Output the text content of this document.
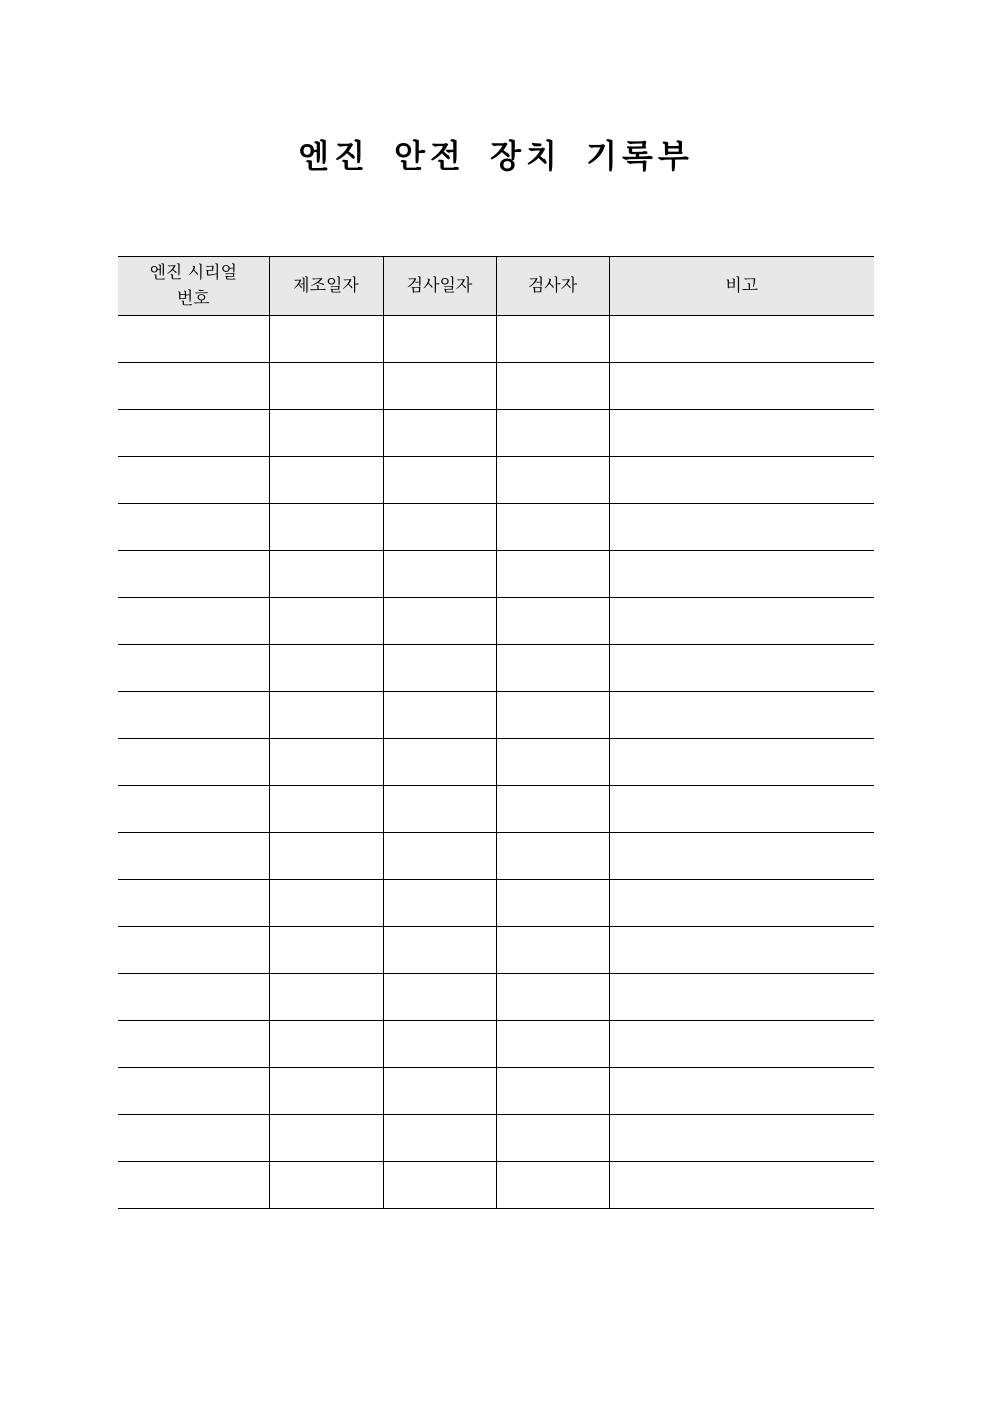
엔진 안전 장치 기록부
엔진 시리얼
번호	제조일자	검사일자	검사자	비고
